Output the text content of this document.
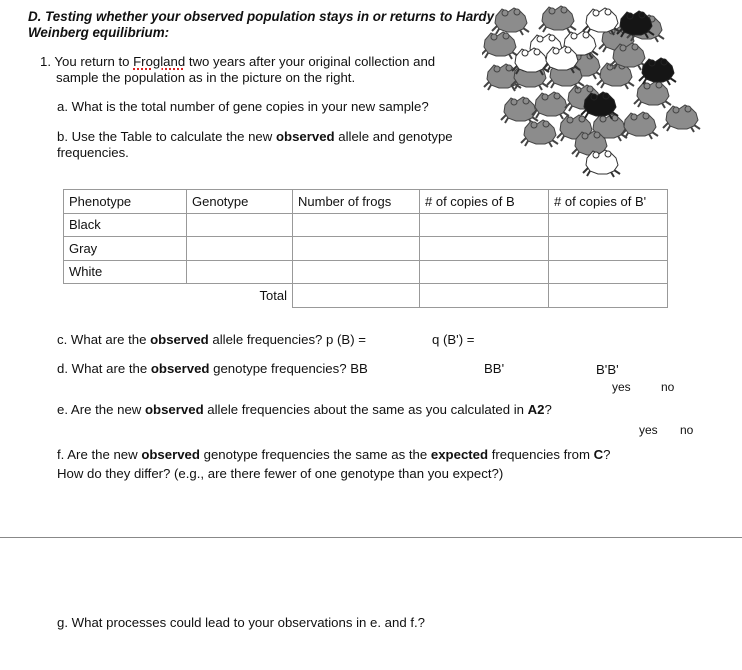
D. Testing whether your observed population stays in or returns to Hardy
Weinberg equilibrium:
1. You return to Frogland two years after your original collection and
sample the population as in the picture on the right.
a. What is the total number of gene copies in your new sample?
b. Use the Table to calculate the new observed allele and genotype
frequencies.
Phenotype	Genotype	Number of frogs	# of copies of B	# of copies of B'
Black				
Gray				
White				
Total				
c. What are the observed allele frequencies? p (B) =	q (B') =
d. What are the observed genotype frequencies? BB	BB'	B'B'
yes	no
e. Are the new observed allele frequencies about the same as you calculated in A2?
yes no
f. Are the new observed genotype frequencies the same as the expected frequencies from C?
How do they differ? (e.g., are there fewer of one genotype than you expect?)
g. What processes could lead to your observations in e. and f.?
